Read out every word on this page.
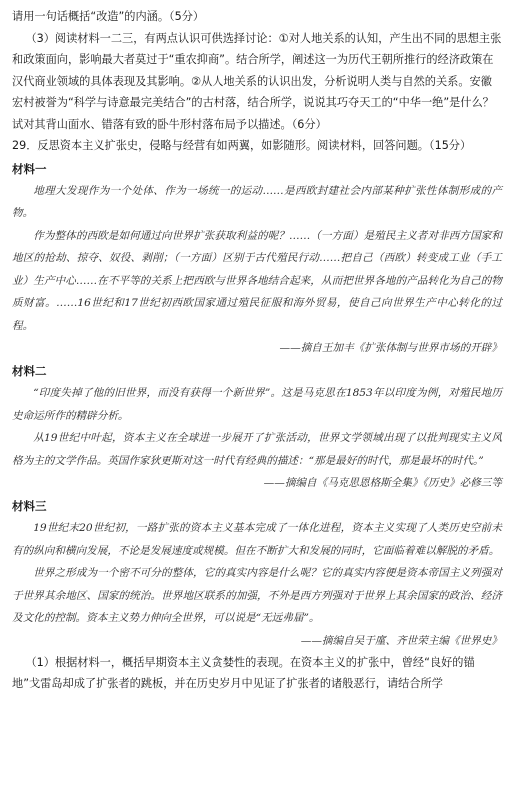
请用一句话概括“改造”的内涵。（5分）

（3）阅读材料一二三，有两点认识可供选择讨论：①对人地关系的认知，产生出不同的思想主张和政策面向，影响最大者莫过于“重农抑商”。结合所学，阐述这一为历代王朝所推行的经济政策在汉代商业领域的具体表现及其影响。②从人地关系的认识出发，分析说明人类与自然的关系。安徽宏村被誉为“科学与诗意最完美结合”的古村落，结合所学，说说其巧夺天工的“中华一绝”是什么？试对其背山面水、错落有致的卧牛形村落布局予以描述。（6分）

29．反思资本主义扩张史，侵略与经营有如两翼，如影随形。阅读材料，回答问题。（15分）

材料一

地理大发现作为一个处体、作为一场统一的运动……是西欧封建社会内部某种扩张性体制形成的产物。

作为整体的西欧是如何通过向世界扩张获取利益的呢？……（一方面）是殖民主义者对非西方国家和地区的抢劫、掠夺、奴役、剥削；（一方面）区别于古代殖民行动……把自己（西欧）转变成工业（手工业）生产中心……在不平等的关系上把西欧与世界各地结合起来，从而把世界各地的产品转化为自己的物质财富。……16世纪和17世纪初西欧国家通过殖民征服和海外贸易，使自己向世界生产中心转化的过程。

——摘自王加丰《扩张体制与世界市场的开辟》

材料二

“印度失掉了他的旧世界，而没有获得一个新世界”。这是马克思在1853年以印度为例，对殖民地历史命运所作的精辟分析。

从19世纪中叶起，资本主义在全球进一步展开了扩张活动，世界文学领域出现了以批判现实主义风格为主的文学作品。英国作家狄更斯对这一时代有经典的描述：“那是最好的时代，那是最坏的时代。”

——摘编自《马克思恩格斯全集》《历史》必修三等

材料三

19世纪末20世纪初，一路扩张的资本主义基本完成了一体化进程，资本主义实现了人类历史空前未有的纵向和横向发展，不论是发展速度或规模。但在不断扩大和发展的同时，它面临着难以解脱的矛盾。

世界之形成为一个密不可分的整体，它的真实内容是什么呢？它的真实内容便是资本帝国主义列强对于世界其余地区、国家的统治。世界地区联系的加强，不外是西方列强对于世界上其余国家的政治、经济及文化的控制。资本主义势力伸向全世界，可以说是“无远弗届”。

——摘编自吴于廑、齐世荣主编《世界史》

（1）根据材料一，概括早期资本主义贪婪性的表现。在资本主义的扩张中，曾经“良好的锚地”戈雷岛却成了扩张者的跳板，并在历史岁月中见证了扩张者的诸般恶行，请结合所学
